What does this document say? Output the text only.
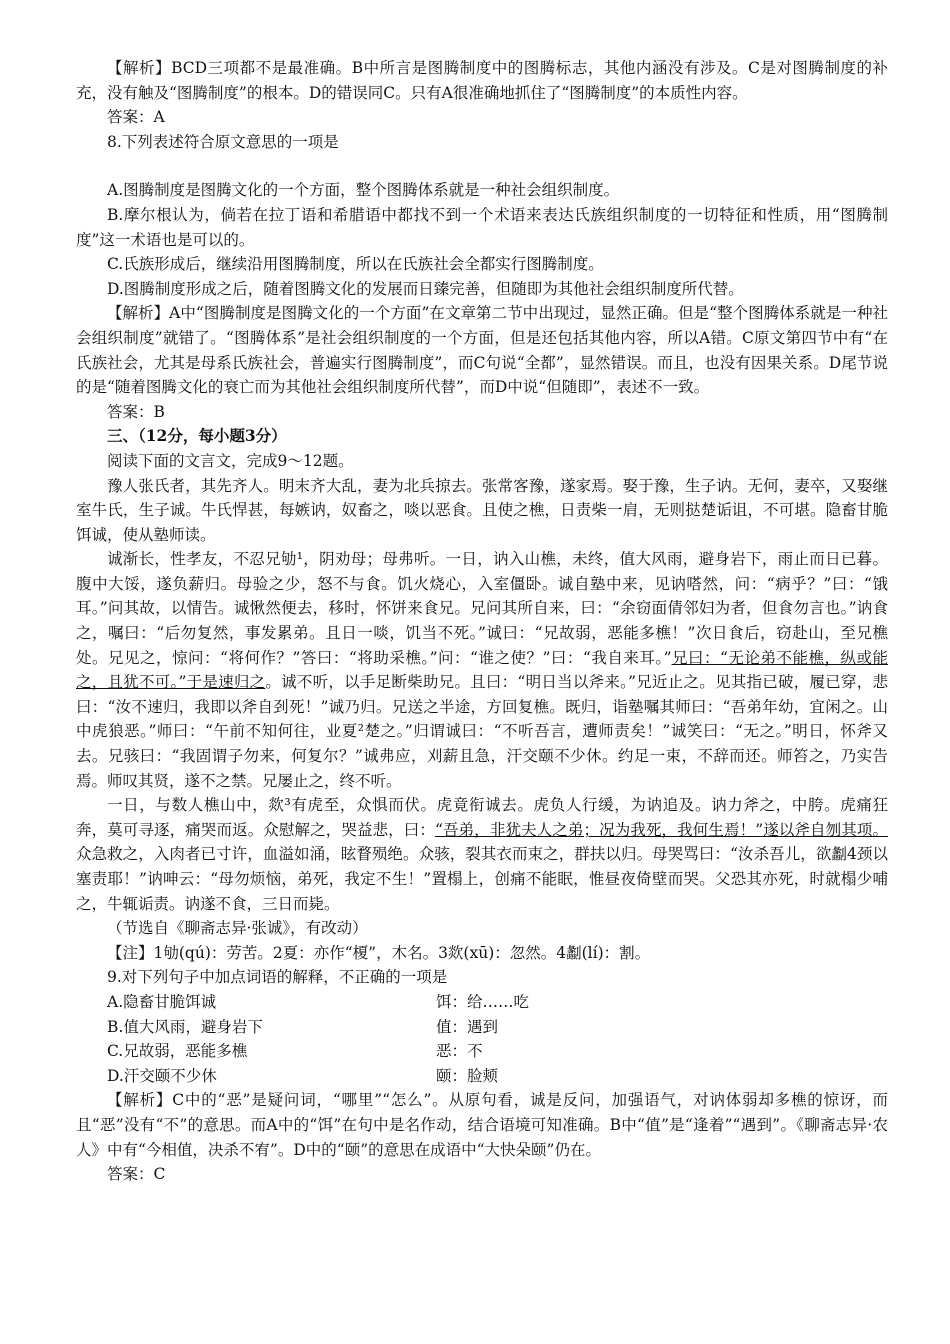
【解析】BCD三项都不是最准确。B中所言是图腾制度中的图腾标志，其他内涵没有涉及。C是对图腾制度的补充，没有触及“图腾制度”的根本。D的错误同C。只有A很准确地抓住了“图腾制度”的本质性内容。

答案：A

8.下列表述符合原文意思的一项是

A.图腾制度是图腾文化的一个方面，整个图腾体系就是一种社会组织制度。

B.摩尔根认为，倘若在拉丁语和希腊语中都找不到一个术语来表达氏族组织制度的一切特征和性质，用“图腾制度”这一术语也是可以的。

C.氏族形成后，继续沿用图腾制度，所以在氏族社会全都实行图腾制度。

D.图腾制度形成之后，随着图腾文化的发展而日臻完善，但随即为其他社会组织制度所代替。

【解析】A中“图腾制度是图腾文化的一个方面”在文章第二节中出现过，显然正确。但是“整个图腾体系就是一种社会组织制度”就错了。“图腾体系”是社会组织制度的一个方面，但是还包括其他内容，所以A错。C原文第四节中有“在氏族社会，尤其是母系氏族社会，普遍实行图腾制度”，而C句说“全都”，显然错误。而且，也没有因果关系。D尾节说的是“随着图腾文化的衰亡而为其他社会组织制度所代替”，而D中说“但随即”，表述不一致。

答案：B

三、（12分，每小题3分）

阅读下面的文言文，完成9～12题。

豫人张氏者，其先齐人。明末齐大乱，妻为北兵掠去。张常客豫，遂家焉。娶于豫，生子讷。无何，妻卒，又娶继室牛氏，生子诚。牛氏悍甚，每嫉讷，奴畜之，啖以恶食。且使之樵，日责柴一肩，无则挞楚诟诅，不可堪。隐畜甘脆饵诚，使从塾师读。

诚渐长，性孝友，不忍兄劬¹，阴劝母；母弗听。一日，讷入山樵，未终，值大风雨，避身岩下，雨止而日已暮。腹中大馁，遂负薪归。母验之少，怒不与食。饥火烧心，入室僵卧。诚自塾中来，见讷嗒然，问：“病乎？”曰：“饿耳。”问其故，以情告。诚愀然便去，移时，怀饼来食兄。兄问其所自来，曰：“余窃面倩邻妇为者，但食勿言也。”讷食之，嘱曰：“后勿复然，事发累弟。且日一啖，饥当不死。”诚曰：“兄故弱，恶能多樵！”次日食后，窃赴山，至兄樵处。兄见之，惊问：“将何作？”答曰：“将助采樵。”问：“谁之使？”曰：“我自来耳。”兄曰：“无论弟不能樵，纵或能之，且犹不可。”于是速归之。诚不听，以手足断柴助兄。且曰：“明日当以斧来。”兄近止之。见其指已破，履已穿，悲曰：“汝不速归，我即以斧自刭死！”诚乃归。兄送之半途，方回复樵。既归，诣塾嘱其师曰：“吾弟年幼，宜闲之。山中虎狼恶。”师曰：“午前不知何往，业夏²楚之。”归谓诚曰：“不听吾言，遭师责矣！”诚笑曰：“无之。”明日，怀斧又去。兄骇曰：“我固谓子勿来，何复尔？”诚弗应，刈薪且急，汗交颐不少休。约足一束，不辞而还。师笞之，乃实告焉。师叹其贤，遂不之禁。兄屡止之，终不听。

一日，与数人樵山中，欻³有虎至，众惧而伏。虎竟衔诚去。虎负人行缓，为讷追及。讷力斧之，中胯。虎痛狂奔，莫可寻逐，痛哭而返。众慰解之，哭益悲，曰：“吾弟，非犹夫人之弟；况为我死，我何生焉！”遂以斧自刎其项。众急救之，入肉者已寸许，血溢如涌，眩瞀殒绝。众骇，裂其衣而束之，群扶以归。母哭骂曰：“汝杀吾儿，欲劙4颈以塞责耶！”讷呻云：“母勿烦恼，弟死，我定不生！”置榻上，创痛不能眠，惟昼夜倚壁而哭。父恐其亦死，时就榻少哺之，牛辄诟责。讷遂不食，三日而毙。

（节选自《聊斋志异·张诚》，有改动）

【注】1劬(qú)：劳苦。2夏：亦作“榎”，木名。3欻(xū)：忽然。4劙(lí)：割。

9.对下列句子中加点词语的解释，不正确的一项是

A.隐畜甘脆饵诚	饵：给……吃
B.值大风雨，避身岩下	值：遇到
C.兄故弱，恶能多樵	恶：不
D.汗交颐不少休	颐：脸颊

【解析】C中的“恶”是疑问词，“哪里”“怎么”。从原句看，诚是反问，加强语气，对讷体弱却多樵的惊讶，而且“恶”没有“不”的意思。而A中的“饵”在句中是名作动，结合语境可知准确。B中“值”是“逢着”“遇到”。《聊斋志异·农人》中有“今相值，决杀不宥”。D中的“颐”的意思在成语中“大快朵颐”仍在。

答案：C
